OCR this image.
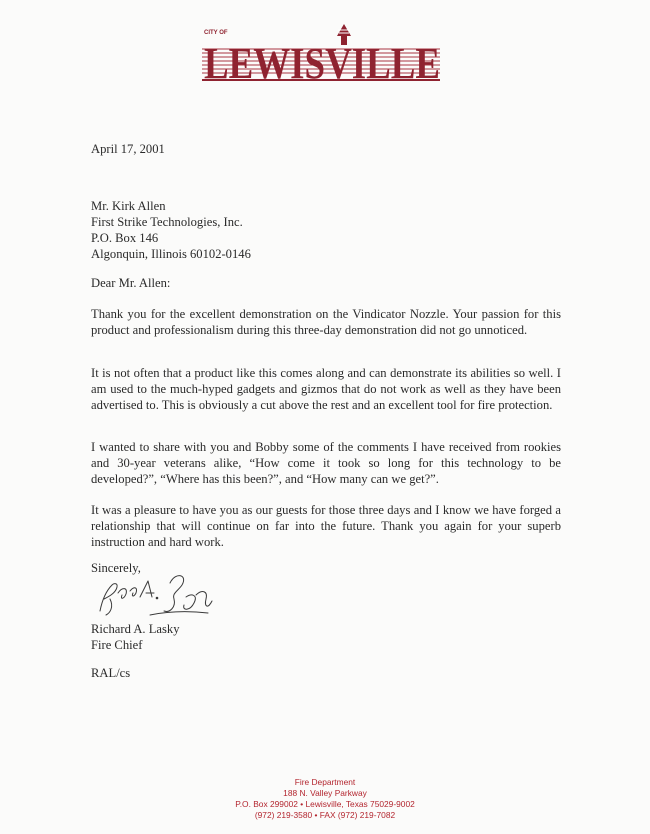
CITY OF
LEWISVILLE

April 17, 2001

Mr. Kirk Allen
First Strike Technologies, Inc.
P.O. Box 146
Algonquin, Illinois 60102-0146

Dear Mr. Allen:

Thank you for the excellent demonstration on the Vindicator Nozzle. Your passion for this product and professionalism during this three-day demonstration did not go unnoticed.

It is not often that a product like this comes along and can demonstrate its abilities so well. I am used to the much-hyped gadgets and gizmos that do not work as well as they have been advertised to. This is obviously a cut above the rest and an excellent tool for fire protection.

I wanted to share with you and Bobby some of the comments I have received from rookies and 30-year veterans alike, “How come it took so long for this technology to be developed?”, “Where has this been?”, and “How many can we get?”.

It was a pleasure to have you as our guests for those three days and I know we have forged a relationship that will continue on far into the future. Thank you again for your superb instruction and hard work.

Sincerely,

Richard A. Lasky

Fire Chief

RAL/cs

Fire Department
188 N. Valley Parkway
P.O. Box 299002 • Lewisville, Texas 75029-9002
(972) 219-3580 • FAX (972) 219-7082
